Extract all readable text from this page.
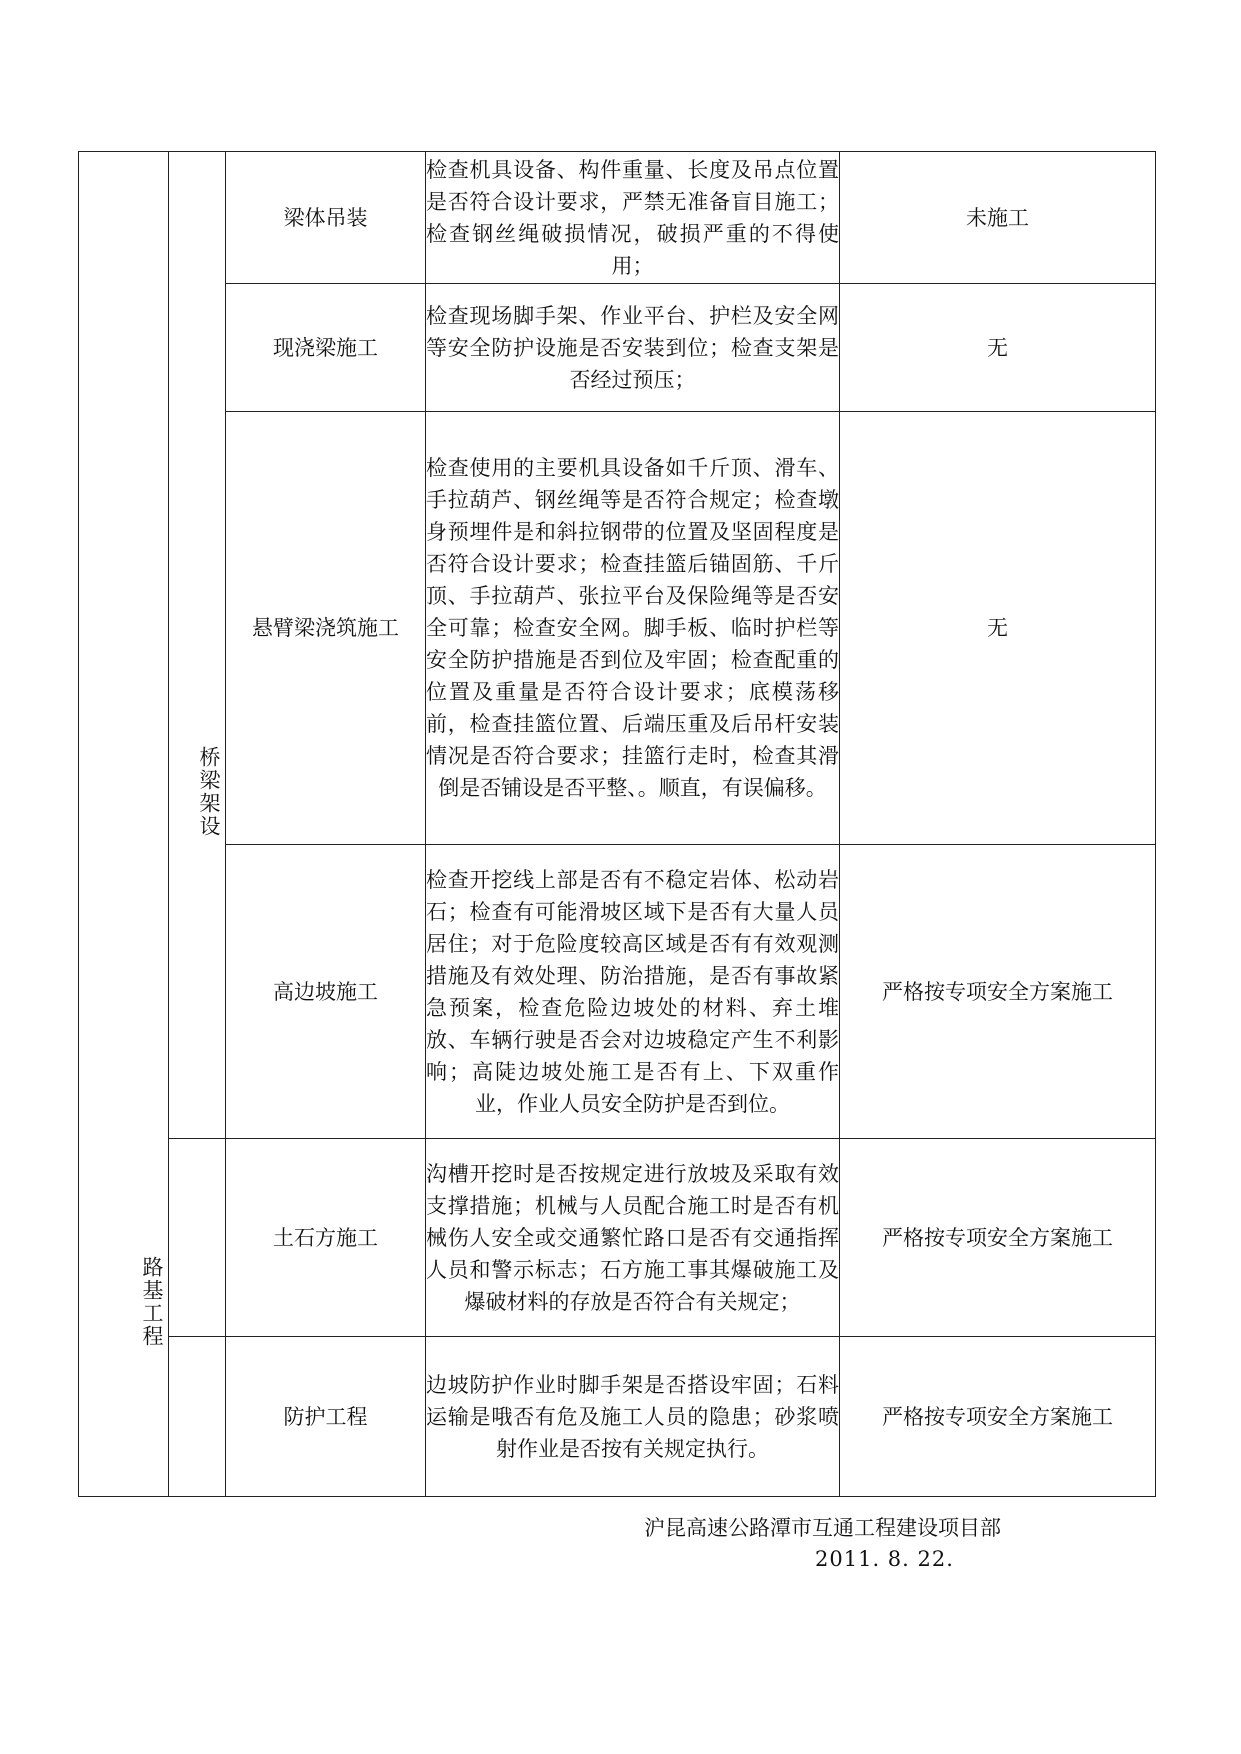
路基工程	桥梁架设	梁体吊装	检查机具设备、构件重量、长度及吊点位置是否符合设计要求，严禁无准备盲目施工；检查钢丝绳破损情况，破损严重的不得使用；	未施工
		现浇梁施工	检查现场脚手架、作业平台、护栏及安全网等安全防护设施是否安装到位；检查支架是否经过预压；	无
		悬臂梁浇筑施工	检查使用的主要机具设备如千斤顶、滑车、手拉葫芦、钢丝绳等是否符合规定；检查墩身预埋件是和斜拉钢带的位置及坚固程度是否符合设计要求；检查挂篮后锚固筋、千斤顶、手拉葫芦、张拉平台及保险绳等是否安全可靠；检查安全网。脚手板、临时护栏等安全防护措施是否到位及牢固；检查配重的位置及重量是否符合设计要求；底模荡移前，检查挂篮位置、后端压重及后吊杆安装情况是否符合要求；挂篮行走时，检查其滑倒是否铺设是否平整、。顺直，有误偏移。	无
		高边坡施工	检查开挖线上部是否有不稳定岩体、松动岩石；检查有可能滑坡区域下是否有大量人员居住；对于危险度较高区域是否有有效观测措施及有效处理、防治措施，是否有事故紧急预案，检查危险边坡处的材料、弃土堆放、车辆行驶是否会对边坡稳定产生不利影响；高陡边坡处施工是否有上、下双重作业，作业人员安全防护是否到位。	严格按专项安全方案施工
		土石方施工	沟槽开挖时是否按规定进行放坡及采取有效支撑措施；机械与人员配合施工时是否有机械伤人安全或交通繁忙路口是否有交通指挥人员和警示标志；石方施工事其爆破施工及爆破材料的存放是否符合有关规定；	严格按专项安全方案施工
		防护工程	边坡防护作业时脚手架是否搭设牢固；石料运输是哦否有危及施工人员的隐患；砂浆喷射作业是否按有关规定执行。	严格按专项安全方案施工
沪昆高速公路潭市互通工程建设项目部
2011. 8. 22.
